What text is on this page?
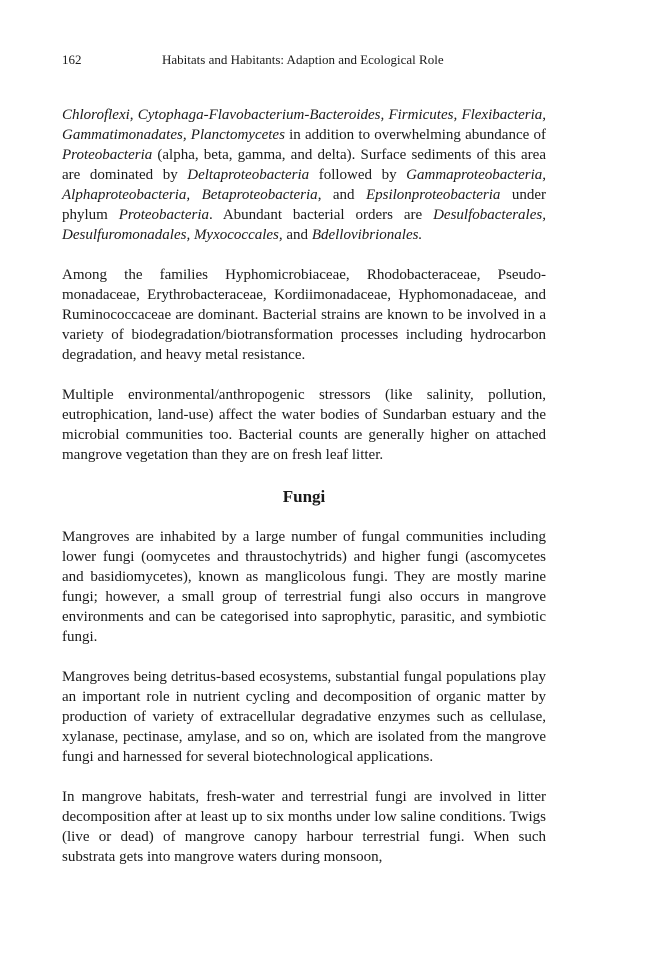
162	Habitats and Habitants: Adaption and Ecological Role

Chloroflexi, Cytophaga-Flavobacterium-Bacteroides, Firmicutes, Flexibacteria, Gammatimonadates, Planctomycetes in addition to overwhelming abundance of Proteobacteria (alpha, beta, gamma, and delta). Surface sediments of this area are dominated by Deltaproteobacteria followed by Gammaproteobacteria, Alphaproteobacteria, Betaproteobacteria, and Epsilonproteobacteria under phylum Proteobacteria. Abundant bacterial orders are Desulfobacterales, Desulfuromonadales, Myxococcales, and Bdellovibrionales.

Among the families Hyphomicrobiaceae, Rhodobacteraceae, Pseudo-monadaceae, Erythrobacteraceae, Kordiimonadaceae, Hyphomonadaceae, and Ruminococcaceae are dominant. Bacterial strains are known to be involved in a variety of biodegradation/biotransformation processes including hydrocarbon degradation, and heavy metal resistance.

Multiple environmental/anthropogenic stressors (like salinity, pollution, eutrophication, land-use) affect the water bodies of Sundarban estuary and the microbial communities too. Bacterial counts are generally higher on attached mangrove vegetation than they are on fresh leaf litter.

Fungi

Mangroves are inhabited by a large number of fungal communities including lower fungi (oomycetes and thraustochytrids) and higher fungi (ascomycetes and basidiomycetes), known as manglicolous fungi. They are mostly marine fungi; however, a small group of terrestrial fungi also occurs in mangrove environments and can be categorised into saprophytic, parasitic, and symbiotic fungi.

Mangroves being detritus-based ecosystems, substantial fungal populations play an important role in nutrient cycling and decomposition of organic matter by production of variety of extracellular degradative enzymes such as cellulase, xylanase, pectinase, amylase, and so on, which are isolated from the mangrove fungi and harnessed for several biotechnological applications.

In mangrove habitats, fresh-water and terrestrial fungi are involved in litter decomposition after at least up to six months under low saline conditions. Twigs (live or dead) of mangrove canopy harbour terrestrial fungi. When such substrata gets into mangrove waters during monsoon,
